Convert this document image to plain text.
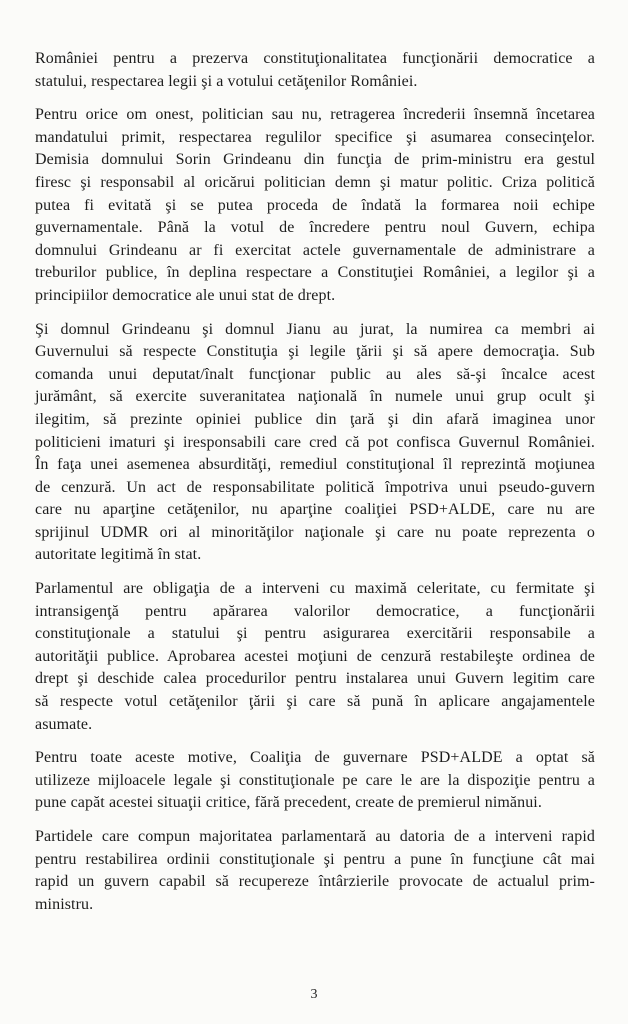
României pentru a prezerva constituţionalitatea funcţionării democratice a
statului, respectarea legii şi a votului cetăţenilor României.

Pentru orice om onest, politician sau nu, retragerea încrederii însemnă încetarea
mandatului primit, respectarea regulilor specifice şi asumarea consecinţelor.
Demisia domnului Sorin Grindeanu din funcţia de prim-ministru era gestul
firesc şi responsabil al oricărui politician demn şi matur politic. Criza politică
putea fi evitată şi se putea proceda de îndată la formarea noii echipe
guvernamentale. Până la votul de încredere pentru noul Guvern, echipa
domnului Grindeanu ar fi exercitat actele guvernamentale de administrare a
treburilor publice, în deplina respectare a Constituţiei României, a legilor şi a
principiilor democratice ale unui stat de drept.

Şi domnul Grindeanu şi domnul Jianu au jurat, la numirea ca membri ai
Guvernului să respecte Constituţia şi legile ţării şi să apere democraţia. Sub
comanda unui deputat/înalt funcţionar public au ales să-şi încalce acest
jurământ, să exercite suveranitatea naţională în numele unui grup ocult şi
ilegitim, să prezinte opiniei publice din ţară şi din afară imaginea unor
politicieni imaturi şi iresponsabili care cred că pot confisca Guvernul României.
În faţa unei asemenea absurdităţi, remediul constituţional îl reprezintă moţiunea
de cenzură. Un act de responsabilitate politică împotriva unui pseudo-guvern
care nu aparţine cetăţenilor, nu aparţine coaliţiei PSD+ALDE, care nu are
sprijinul UDMR ori al minorităţilor naţionale şi care nu poate reprezenta o
autoritate legitimă în stat.

Parlamentul are obligaţia de a interveni cu maximă celeritate, cu fermitate şi
intransigenţă pentru apărarea valorilor democratice, a funcţionării
constituţionale a statului şi pentru asigurarea exercitării responsabile a
autorităţii publice. Aprobarea acestei moţiuni de cenzură restabileşte ordinea de
drept şi deschide calea procedurilor pentru instalarea unui Guvern legitim care
să respecte votul cetăţenilor ţării şi care să pună în aplicare angajamentele
asumate.

Pentru toate aceste motive, Coaliţia de guvernare PSD+ALDE a optat să
utilizeze mijloacele legale şi constituţionale pe care le are la dispoziţie pentru a
pune capăt acestei situaţii critice, fără precedent, create de premierul nimănui.

Partidele care compun majoritatea parlamentară au datoria de a interveni rapid
pentru restabilirea ordinii constituţionale şi pentru a pune în funcţiune cât mai
rapid un guvern capabil să recupereze întârzierile provocate de actualul prim-
ministru.

3
